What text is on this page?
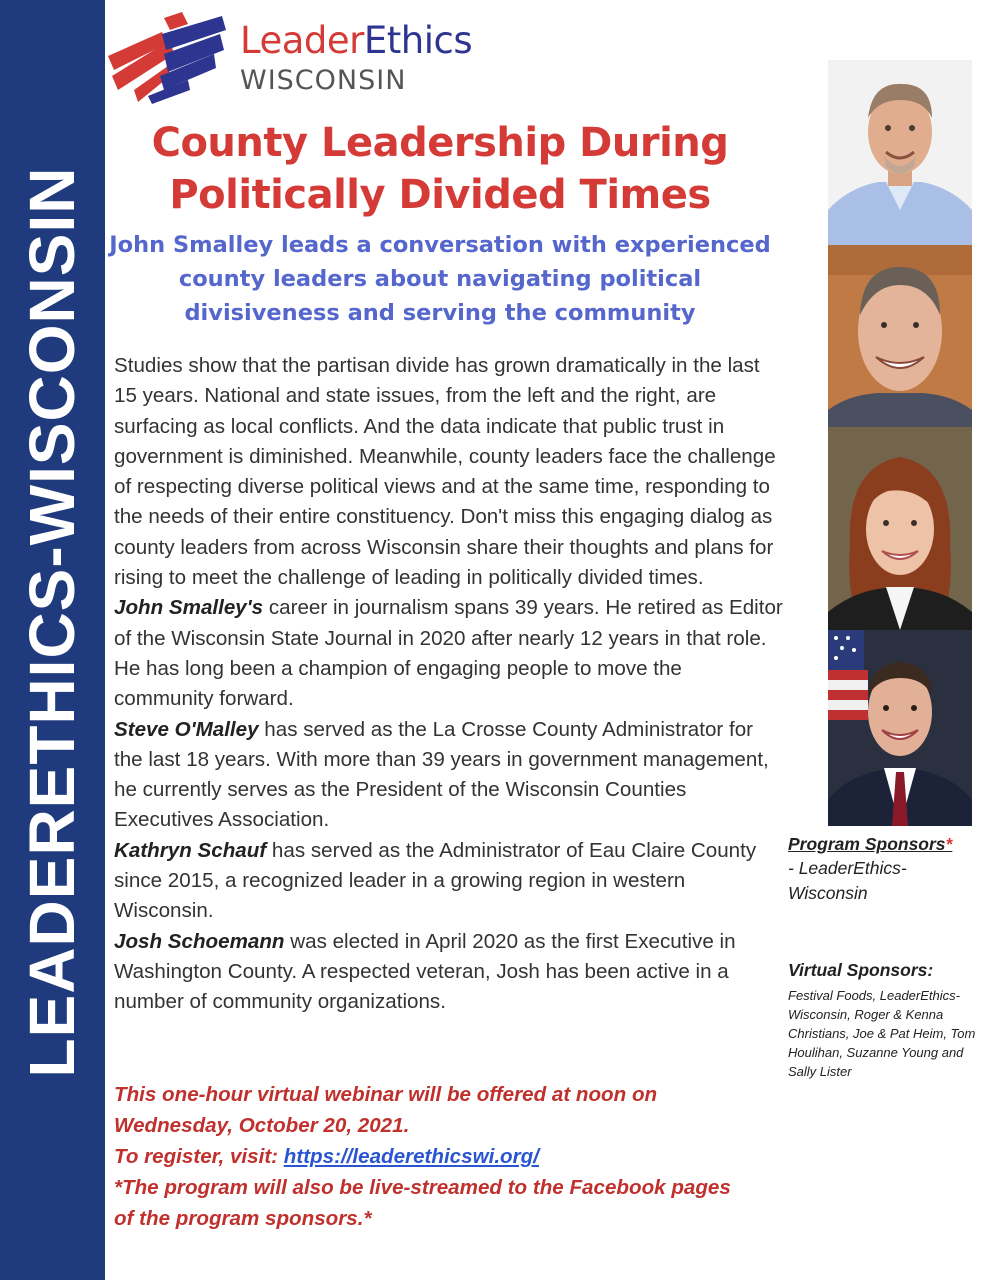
LEADERETHICS-WISCONSIN
LeaderEthics
WISCONSIN
County Leadership During Politically Divided Times
John Smalley leads a conversation with experienced county leaders about navigating political divisiveness and serving the community

Studies show that the partisan divide has grown dramatically in the last 15 years. National and state issues, from the left and the right, are surfacing as local conflicts. And the data indicate that public trust in government is diminished. Meanwhile, county leaders face the challenge of respecting diverse political views and at the same time, responding to the needs of their entire constituency. Don't miss this engaging dialog as county leaders from across Wisconsin share their thoughts and plans for rising to meet the challenge of leading in politically divided times.

John Smalley's career in journalism spans 39 years. He retired as Editor of the Wisconsin State Journal in 2020 after nearly 12 years in that role. He has long been a champion of engaging people to move the community forward.

Steve O'Malley has served as the La Crosse County Administrator for the last 18 years. With more than 39 years in government management, he currently serves as the President of the Wisconsin Counties Executives Association.

Kathryn Schauf has served as the Administrator of Eau Claire County since 2015, a recognized leader in a growing region in western Wisconsin.

Josh Schoemann was elected in April 2020 as the first Executive in Washington County. A respected veteran, Josh has been active in a number of community organizations.

This one-hour virtual webinar will be offered at noon on Wednesday, October 20, 2021.

To register, visit: https://leaderethicswi.org/

*The program will also be live-streamed to the Facebook pages of the program sponsors.*

Program Sponsors*
- LeaderEthics-
Wisconsin
Virtual Sponsors:
Festival Foods, LeaderEthics-Wisconsin, Roger & Kenna Christians, Joe & Pat Heim, Tom Houlihan, Suzanne Young and Sally Lister
